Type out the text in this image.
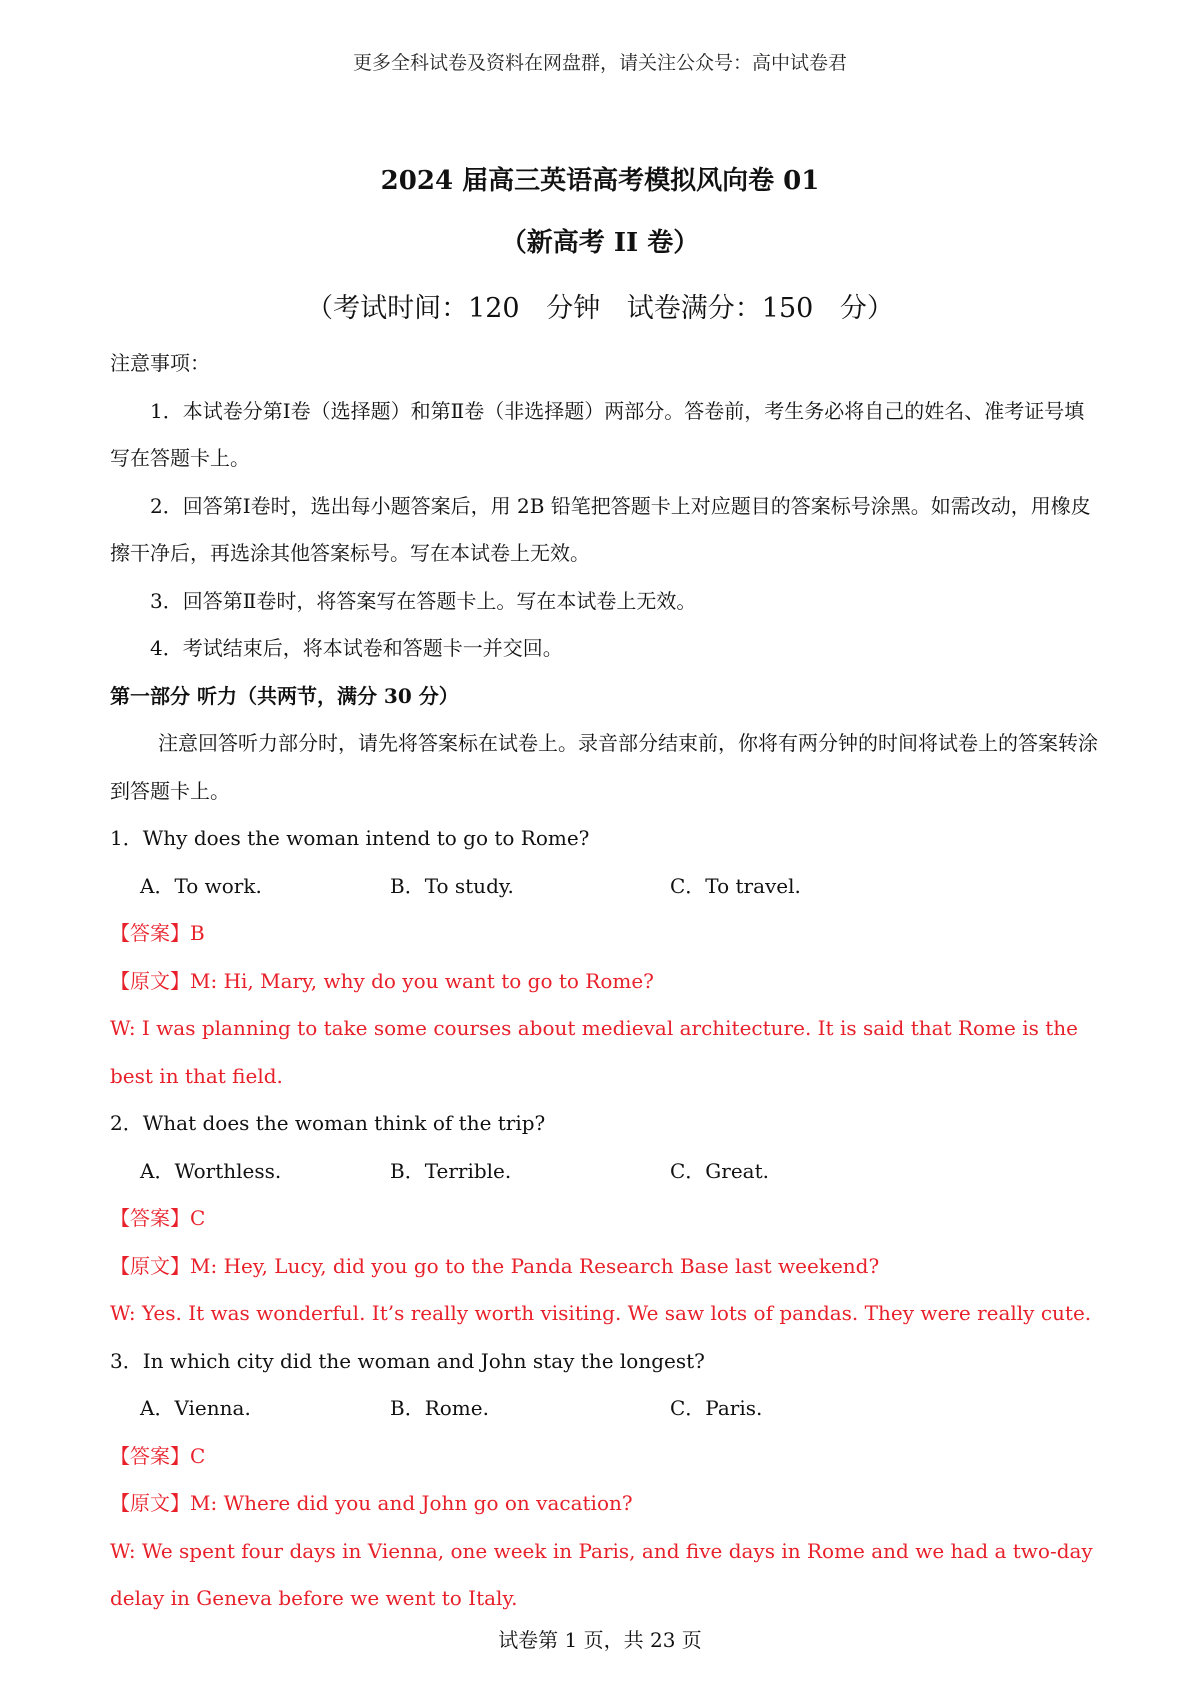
更多全科试卷及资料在网盘群，请关注公众号：高中试卷君
2024 届高三英语高考模拟风向卷 01
（新高考 II 卷）
（考试时间：120 分钟 试卷满分：150 分）

注意事项：

1．本试卷分第Ⅰ卷（选择题）和第Ⅱ卷（非选择题）两部分。答卷前，考生务必将自己的姓名、准考证号填写在答题卡上。

2．回答第Ⅰ卷时，选出每小题答案后，用 2B 铅笔把答题卡上对应题目的答案标号涂黑。如需改动，用橡皮擦干净后，再选涂其他答案标号。写在本试卷上无效。

3．回答第Ⅱ卷时，将答案写在答题卡上。写在本试卷上无效。

4．考试结束后，将本试卷和答题卡一并交回。

第一部分 听力（共两节，满分 30 分）

注意回答听力部分时，请先将答案标在试卷上。录音部分结束前，你将有两分钟的时间将试卷上的答案转涂到答题卡上。

1．Why does the woman intend to go to Rome?

A．To work.	B．To study.	C．To travel.

【答案】B

【原文】M: Hi, Mary, why do you want to go to Rome?

W: I was planning to take some courses about medieval architecture. It is said that Rome is the best in that field.

2．What does the woman think of the trip?

A．Worthless.	B．Terrible.	C．Great.

【答案】C

【原文】M: Hey, Lucy, did you go to the Panda Research Base last weekend?

W: Yes. It was wonderful. It’s really worth visiting. We saw lots of pandas. They were really cute.

3．In which city did the woman and John stay the longest?

A．Vienna.	B．Rome.	C．Paris.

【答案】C

【原文】M: Where did you and John go on vacation?

W: We spent four days in Vienna, one week in Paris, and five days in Rome and we had a two-day delay in Geneva before we went to Italy.

试卷第 1 页，共 23 页
